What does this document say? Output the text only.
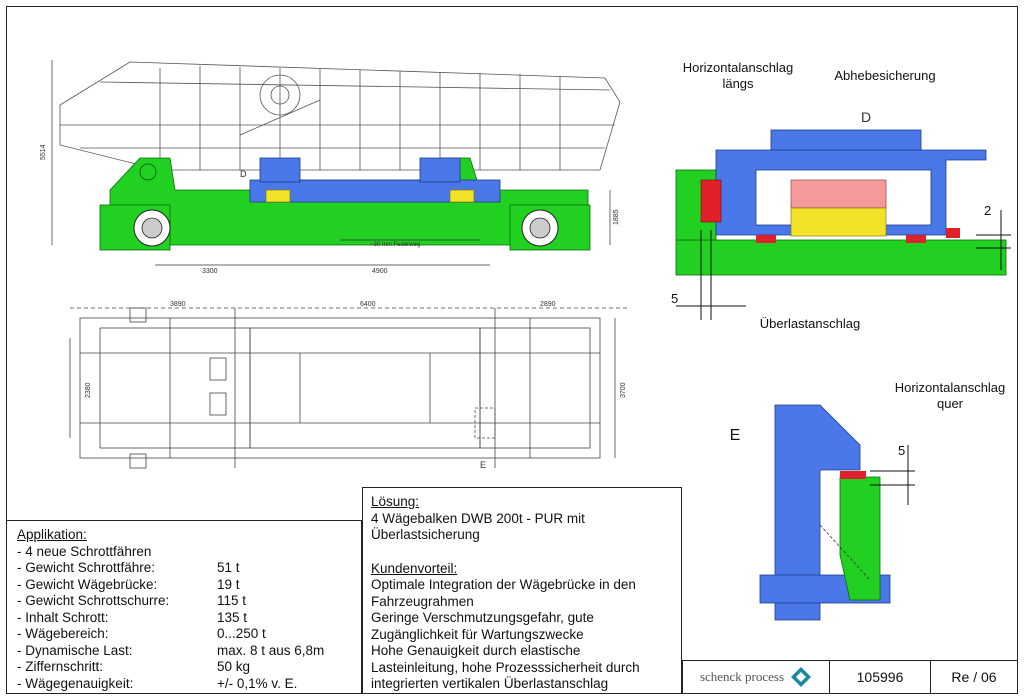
5514
1885
3300	4900
~30 mm Federweg
D
3890	6400	2890
3700
2380
E
D
5
2
Horizontalanschlag
längs
Abhebesicherung
Überlastanschlag
5
Horizontalanschlag
quer
E
Applikation:
- 4 neue Schrottfähren
- Gewicht Schrottfähre:	51 t
- Gewicht Wägebrücke:	19 t
- Gewicht Schrottschurre:	115 t
- Inhalt Schrott:	135 t
- Wägebereich:	0...250 t
- Dynamische Last:	max. 8 t aus 6,8m
- Ziffernschritt:	50 kg
- Wägegenauigkeit:	+/- 0,1% v. E.
Lösung:
4 Wägebalken DWB 200t - PUR mit
Überlastsicherung
Kundenvorteil:
Optimale Integration der Wägebrücke in den
Fahrzeugrahmen
Geringe Verschmutzungsgefahr, gute
Zugänglichkeit für Wartungszwecke
Hohe Genauigkeit durch elastische
Lasteinleitung, hohe Prozesssicherheit durch
integrierten vertikalen Überlastanschlag	schenck process	105996	Re / 06
